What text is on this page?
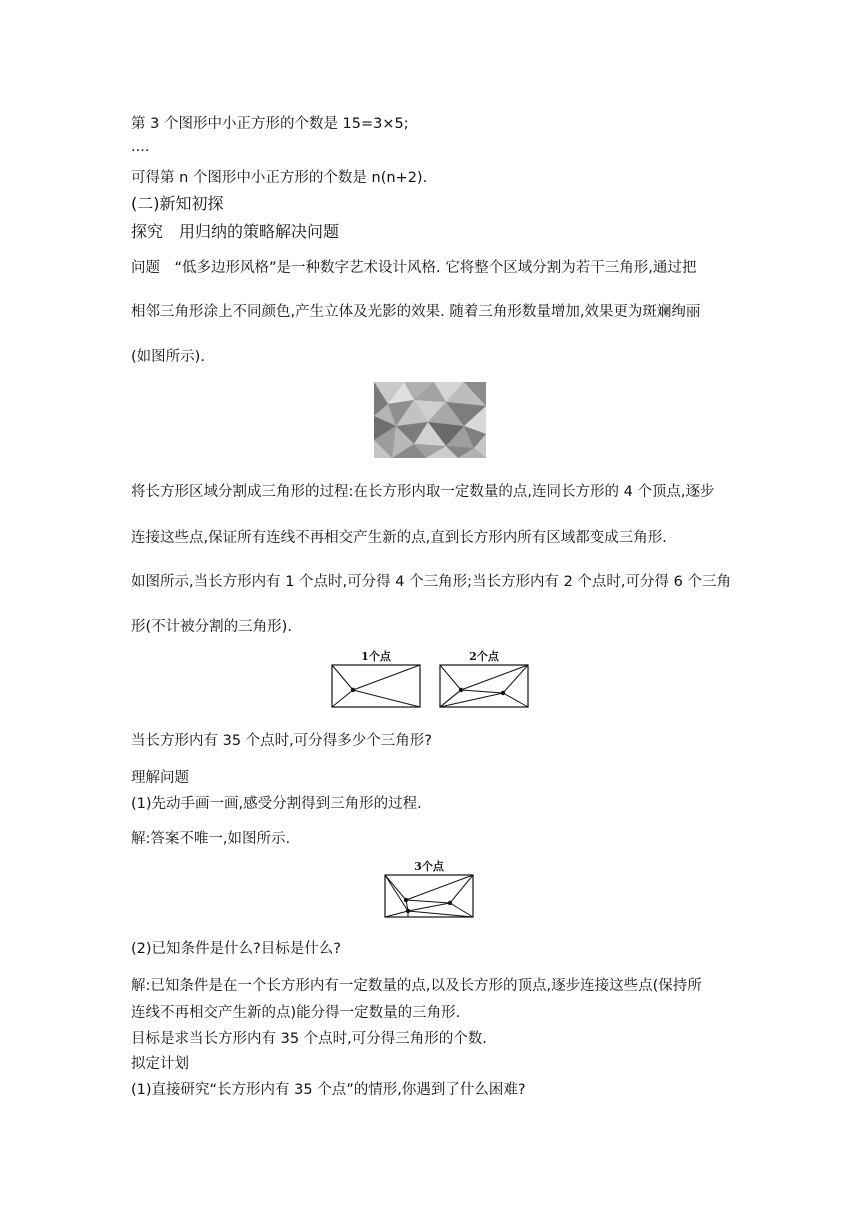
第 3 个图形中小正方形的个数是 15=3×5;
....
可得第 n 个图形中小正方形的个数是 n(n+2).
(二)新知初探
探究　用归纳的策略解决问题
问题　“低多边形风格”是一种数字艺术设计风格. 它将整个区域分割为若干三角形,通过把
相邻三角形涂上不同颜色,产生立体及光影的效果. 随着三角形数量增加,效果更为斑斓绚丽
(如图所示).
将长方形区域分割成三角形的过程:在长方形内取一定数量的点,连同长方形的 4 个顶点,逐步
连接这些点,保证所有连线不再相交产生新的点,直到长方形内所有区域都变成三角形.
如图所示,当长方形内有 1 个点时,可分得 4 个三角形;当长方形内有 2 个点时,可分得 6 个三角
形(不计被分割的三角形).
1个点	2个点
当长方形内有 35 个点时,可分得多少个三角形?
理解问题
(1)先动手画一画,感受分割得到三角形的过程.
解:答案不唯一,如图所示.
3个点
(2)已知条件是什么?目标是什么?
解:已知条件是在一个长方形内有一定数量的点,以及长方形的顶点,逐步连接这些点(保持所
连线不再相交产生新的点)能分得一定数量的三角形.
目标是求当长方形内有 35 个点时,可分得三角形的个数.
拟定计划
(1)直接研究“长方形内有 35 个点”的情形,你遇到了什么困难?
